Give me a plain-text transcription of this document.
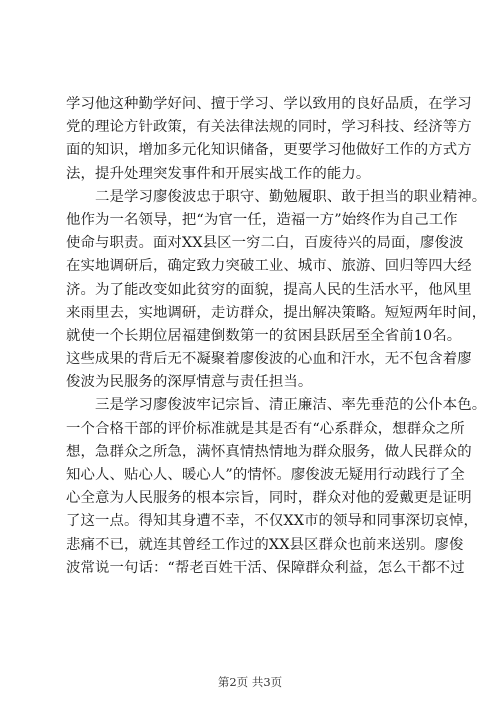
学习他这种勤学好问、擅于学习、学以致用的良好品质，在学习
党的理论方针政策，有关法律法规的同时，学习科技、经济等方
面的知识，增加多元化知识储备，更要学习他做好工作的方式方
法，提升处理突发事件和开展实战工作的能力。
　　二是学习廖俊波忠于职守、勤勉履职、敢于担当的职业精神。
他作为一名领导，把“为官一任，造福一方”始终作为自己工作
使命与职责。面对XX县区一穷二白，百废待兴的局面，廖俊波
在实地调研后，确定致力突破工业、城市、旅游、回归等四大经
济。为了能改变如此贫穷的面貌，提高人民的生活水平，他风里
来雨里去，实地调研，走访群众，提出解决策略。短短两年时间，
就使一个长期位居福建倒数第一的贫困县跃居至全省前10名。
这些成果的背后无不凝聚着廖俊波的心血和汗水，无不包含着廖
俊波为民服务的深厚情意与责任担当。
　　三是学习廖俊波牢记宗旨、清正廉洁、率先垂范的公仆本色。
一个合格干部的评价标准就是其是否有“心系群众，想群众之所
想，急群众之所急，满怀真情热情地为群众服务，做人民群众的
知心人、贴心人、暖心人”的情怀。廖俊波无疑用行动践行了全
心全意为人民服务的根本宗旨，同时，群众对他的爱戴更是证明
了这一点。得知其身遭不幸，不仅XX市的领导和同事深切哀悼，
悲痛不已，就连其曾经工作过的XX县区群众也前来送别。廖俊
波常说一句话：“帮老百姓干活、保障群众利益，怎么干都不过
第2页 共3页
